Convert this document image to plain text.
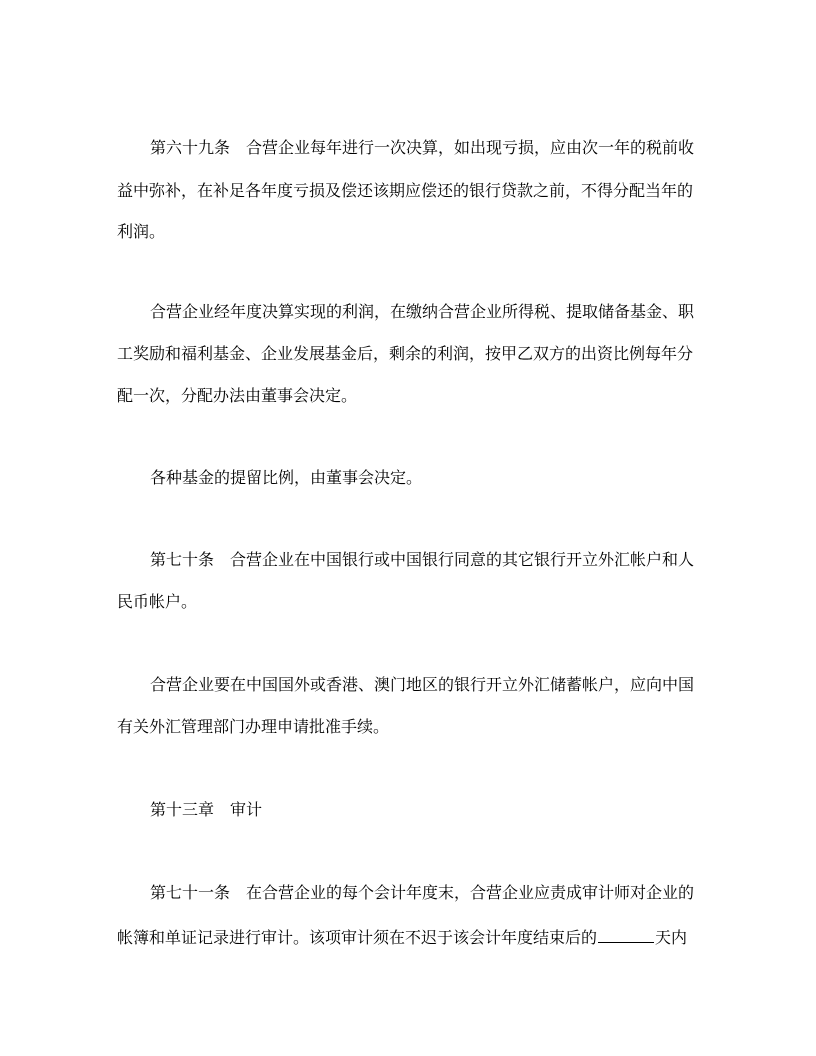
第六十九条　合营企业每年进行一次决算，如出现亏损，应由次一年的税前收
益中弥补，在补足各年度亏损及偿还该期应偿还的银行贷款之前，不得分配当年的
利润。
合营企业经年度决算实现的利润，在缴纳合营企业所得税、提取储备基金、职
工奖励和福利基金、企业发展基金后，剩余的利润，按甲乙双方的出资比例每年分
配一次，分配办法由董事会决定。
各种基金的提留比例，由董事会决定。
第七十条　合营企业在中国银行或中国银行同意的其它银行开立外汇帐户和人
民币帐户。
合营企业要在中国国外或香港、澳门地区的银行开立外汇储蓄帐户，应向中国
有关外汇管理部门办理申请批准手续。
第十三章　审计
第七十一条　在合营企业的每个会计年度末，合营企业应责成审计师对企业的
帐簿和单证记录进行审计。该项审计须在不迟于该会计年度结束后的	天内
